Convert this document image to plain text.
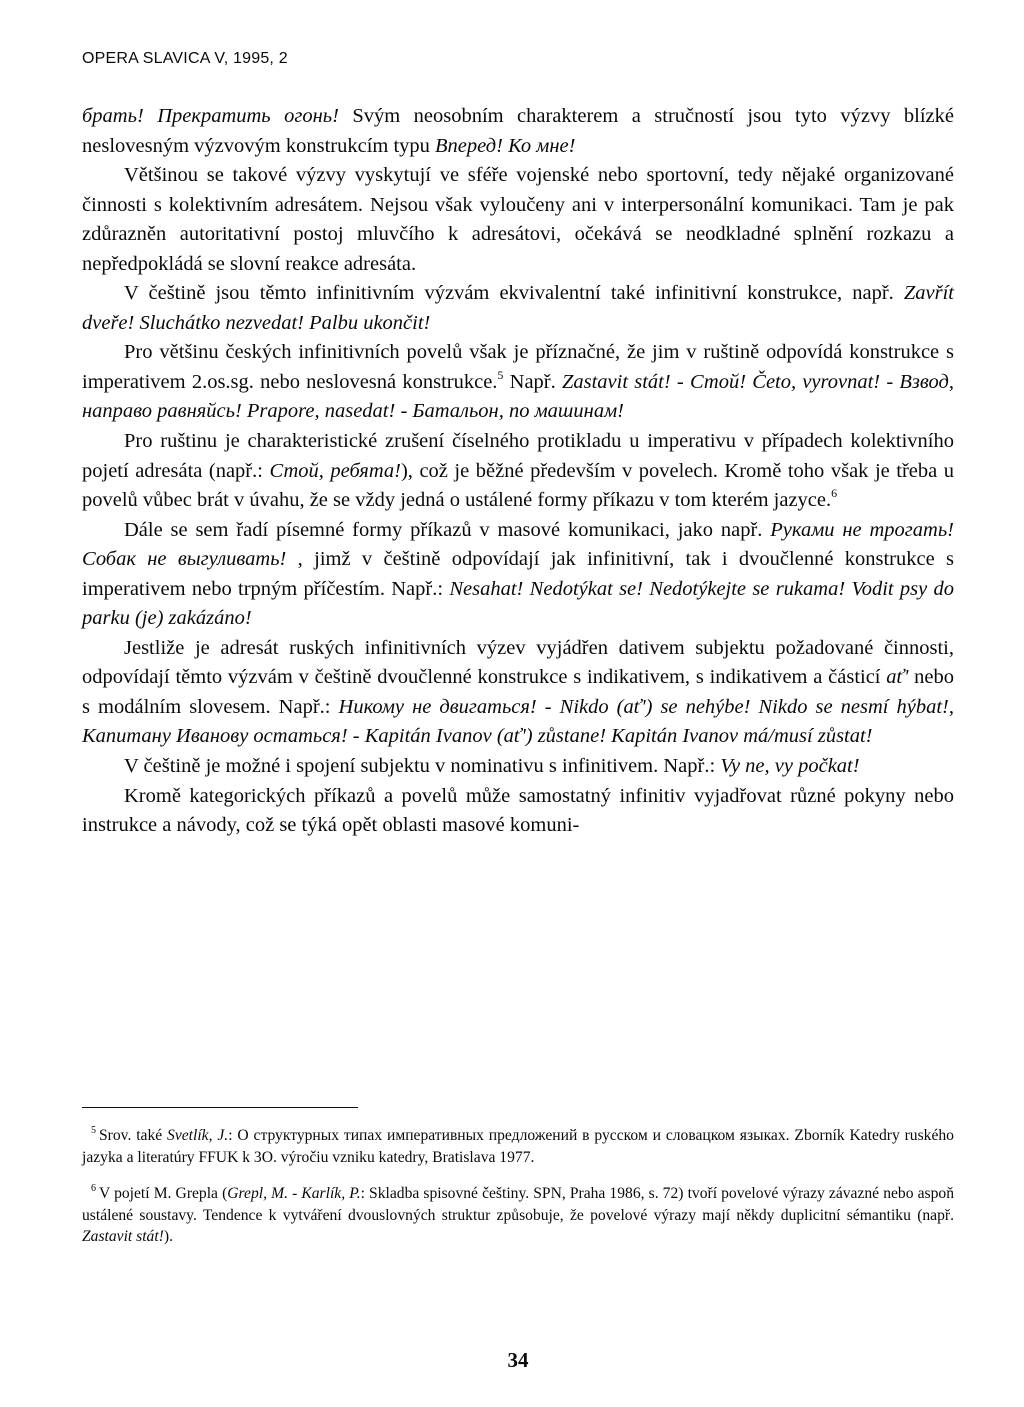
OPERA SLAVICA V, 1995, 2

брать! Прекратить огонь! Svým neosobním charakterem a stručností jsou tyto výzvy blízké neslovesným výzvovým konstrukcím typu Вперед! Ко мне!

Většinou se takové výzvy vyskytují ve sféře vojenské nebo sportovní, tedy nějaké organizované činnosti s kolektivním adresátem. Nejsou však vyloučeny ani v interpersonální komunikaci. Tam je pak zdůrazněn autoritativní postoj mluvčího k adresátovi, očekává se neodkladné splnění rozkazu a nepředpokládá se slovní reakce adresáta.

V češtině jsou těmto infinitivním výzvám ekvivalentní také infinitivní konstrukce, např. Zavřít dveře! Sluchátko nezvedat! Palbu ukončit!

Pro většinu českých infinitivních povelů však je příznačné, že jim v ruštině odpovídá konstrukce s imperativem 2.os.sg. nebo neslovesná konstrukce.$^5$ Např. Zastavit stát! - Стой! Četo, vyrovnat! - Взвод, направо равняйсь! Prapore, nasedat! - Батальон, по машинам!

Pro ruštinu je charakteristické zrušení číselného protikladu u imperativu v případech kolektivního pojetí adresáta (např.: Стой, ребята!), což je běžné především v povelech. Kromě toho však je třeba u povelů vůbec brát v úvahu, že se vždy jedná o ustálené formy příkazu v tom kterém jazyce.$^6$

Dále se sem řadí písemné formy příkazů v masové komunikaci, jako např. Руками не трогать! Собак не выгуливать! , jimž v češtině odpovídají jak infinitivní, tak i dvoučlenné konstrukce s imperativem nebo trpným příčestím. Např.: Nesahat! Nedotýkat se! Nedotýkejte se rukama! Vodit psy do parku (je) zakázáno!

Jestliže je adresát ruských infinitivních výzev vyjádřen dativem subjektu požadované činnosti, odpovídají těmto výzvám v češtině dvoučlenné konstrukce s indikativem, s indikativem a částicí ať' nebo s modálním slovesem. Např.: Никому не двигаться! - Nikdo (ať') se nehýbe! Nikdo se nesmí hýbat!, Капитану Иванову остаться! - Kapitán Ivanov (ať') zůstane! Kapitán Ivanov má/musí zůstat!

V češtině je možné i spojení subjektu v nominativu s infinitivem. Např.: Vy ne, vy počkat!

Kromě kategorických příkazů a povelů může samostatný infinitiv vyjadřovat různé pokyny nebo instrukce a návody, což se týká opět oblasti masové komuni-

$^5$ Srov. také Svetlík, J.: О структурных типах императивных предложений в русском и словацком языках. Zborník Katedry ruského jazyka a literatúry FFUK k 3O. výročiu vzniku katedry, Bratislava 1977.

$^6$ V pojetí M. Grepla (Grepl, M. - Karlík, P.: Skladba spisovné češtiny. SPN, Praha 1986, s. 72) tvoří povelové výrazy závazné nebo aspoň ustálené soustavy. Tendence k vytváření dvouslovných struktur způsobuje, že povelové výrazy mají někdy duplicitní sémantiku (např. Zastavit stát!).

34
